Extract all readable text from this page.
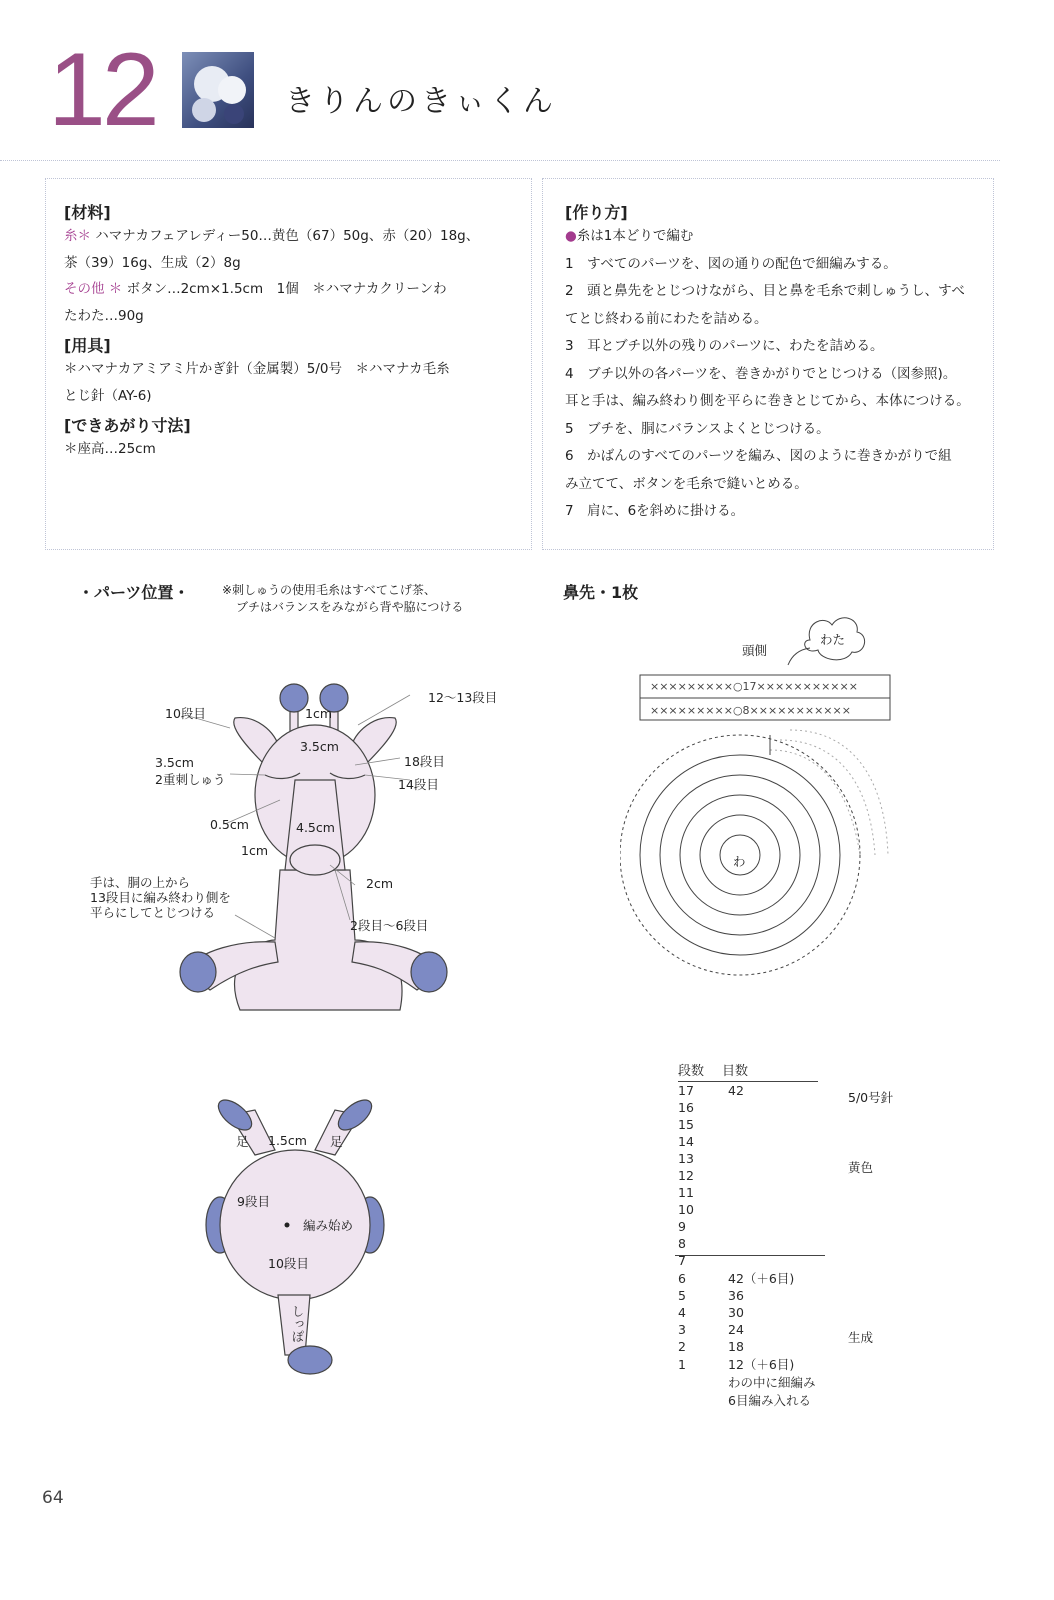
12	きりんのきぃくん
[材料]
糸＊ ハマナカフェアレディー50…黄色（67）50g、赤（20）18g、
茶（39）16g、生成（2）8g
その他 ＊ ボタン…2cm×1.5cm　1個　＊ハマナカクリーンわ
たわた…90g
[用具]
＊ハマナカアミアミ片かぎ針（金属製）5/0号　＊ハマナカ毛糸
とじ針（AY-6)
[できあがり寸法]
＊座高…25cm
[作り方]
●糸は1本どりで編む
1　すべてのパーツを、図の通りの配色で細編みする。
2　頭と鼻先をとじつけながら、目と鼻を毛糸で刺しゅうし、すべ
てとじ終わる前にわたを詰める。
3　耳とブチ以外の残りのパーツに、わたを詰める。
4　ブチ以外の各パーツを、巻きかがりでとじつける（図参照)。
耳と手は、編み終わり側を平らに巻きとじてから、本体につける。
5　ブチを、胴にバランスよくとじつける。
6　かばんのすべてのパーツを編み、図のように巻きかがりで組
み立てて、ボタンを毛糸で縫いとめる。
7　肩に、6を斜めに掛ける。
・パーツ位置・	※刺しゅうの使用毛糸はすべてこげ茶、
ブチはバランスをみながら背や脇につける
10段目	1cm
12〜13段目
3.5cm
18段目
3.5cm
2重刺しゅう	14段目
0.5cm	4.5cm
1cm
2cm
2段目〜6段目
手は、胴の上から
13段目に編み終わり側を
平らにしてとじつける
足	足
1.5cm
9段目
編み始め
10段目
しっぽ
鼻先・1枚
頭側
×××××××××○17×××××××××××
×××××××××○8×××××××××××
わ
わた
段数 目数
17	42
16	
15	
14	
13	
12	
11	
10	
9	
8	
7	
6	42（＋6目)
5	36
4	30
3	24
2	18
1	12（＋6目)
わの中に細編み
6目編み入れる
5/0号針
黄色
生成
64
